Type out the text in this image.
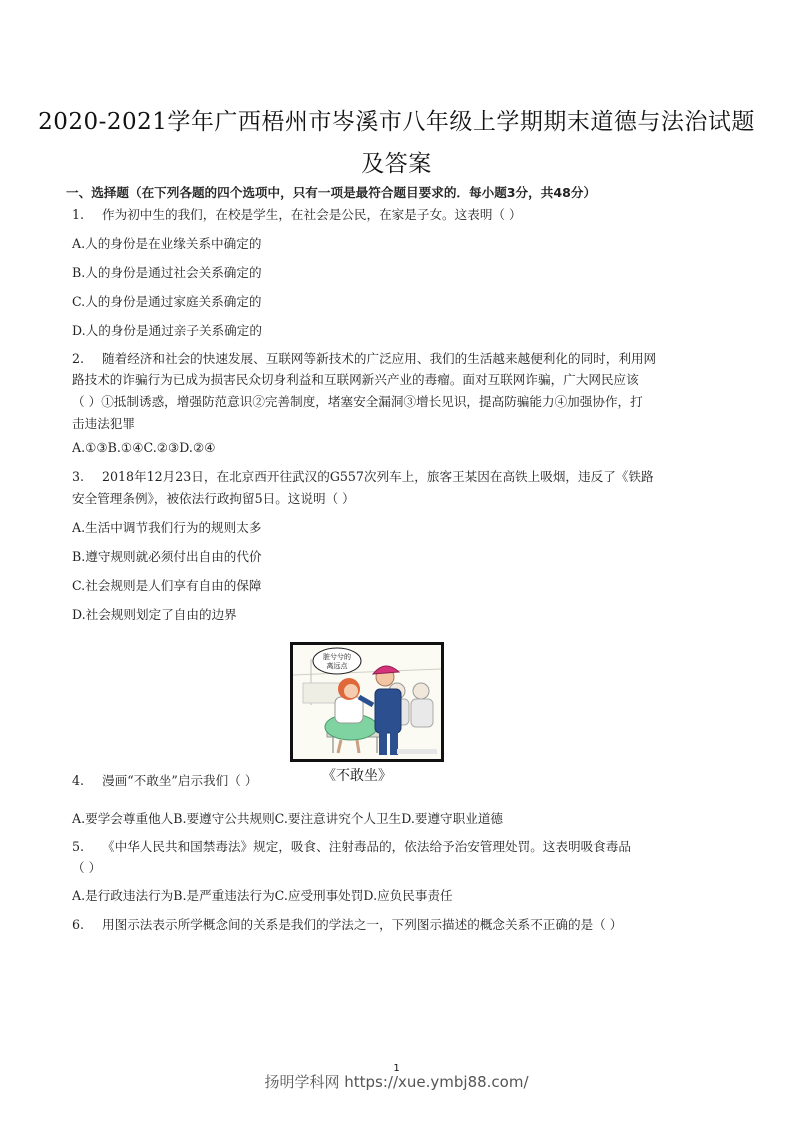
2020-2021学年广西梧州市岑溪市八年级上学期期末道德与法治试题
及答案
一、选择题（在下列各题的四个选项中，只有一项是最符合题目要求的．每小题3分，共48分）
1. 作为初中生的我们，在校是学生，在社会是公民，在家是子女。这表明（ ）
A.人的身份是在业缘关系中确定的
B.人的身份是通过社会关系确定的
C.人的身份是通过家庭关系确定的
D.人的身份是通过亲子关系确定的
2. 随着经济和社会的快速发展、互联网等新技术的广泛应用、我们的生活越来越便利化的同时，利用网
路技术的诈骗行为已成为损害民众切身利益和互联网新兴产业的毒瘤。面对互联网诈骗，广大网民应该
（ ）①抵制诱惑，增强防范意识②完善制度，堵塞安全漏洞③增长见识，提高防骗能力④加强协作，打
击违法犯罪
A.①③B.①④C.②③D.②④
3. 2018年12月23日，在北京西开往武汉的G557次列车上，旅客王某因在高铁上吸烟，违反了《铁路
安全管理条例》，被依法行政拘留5日。这说明（ ）
A.生活中调节我们行为的规则太多
B.遵守规则就必须付出自由的代价
C.社会规则是人们享有自由的保障
D.社会规则划定了自由的边界
脏兮兮的
离远点
4. 漫画“不敢坐”启示我们（ ）	《不敢坐》
A.要学会尊重他人B.要遵守公共规则C.要注意讲究个人卫生D.要遵守职业道德
5. 《中华人民共和国禁毒法》规定，吸食、注射毒品的，依法给予治安管理处罚。这表明吸食毒品
（ ）
A.是行政违法行为B.是严重违法行为C.应受刑事处罚D.应负民事责任
6. 用图示法表示所学概念间的关系是我们的学法之一，下列图示描述的概念关系不正确的是（ ）
1
扬明学科网 https://xue.ymbj88.com/
